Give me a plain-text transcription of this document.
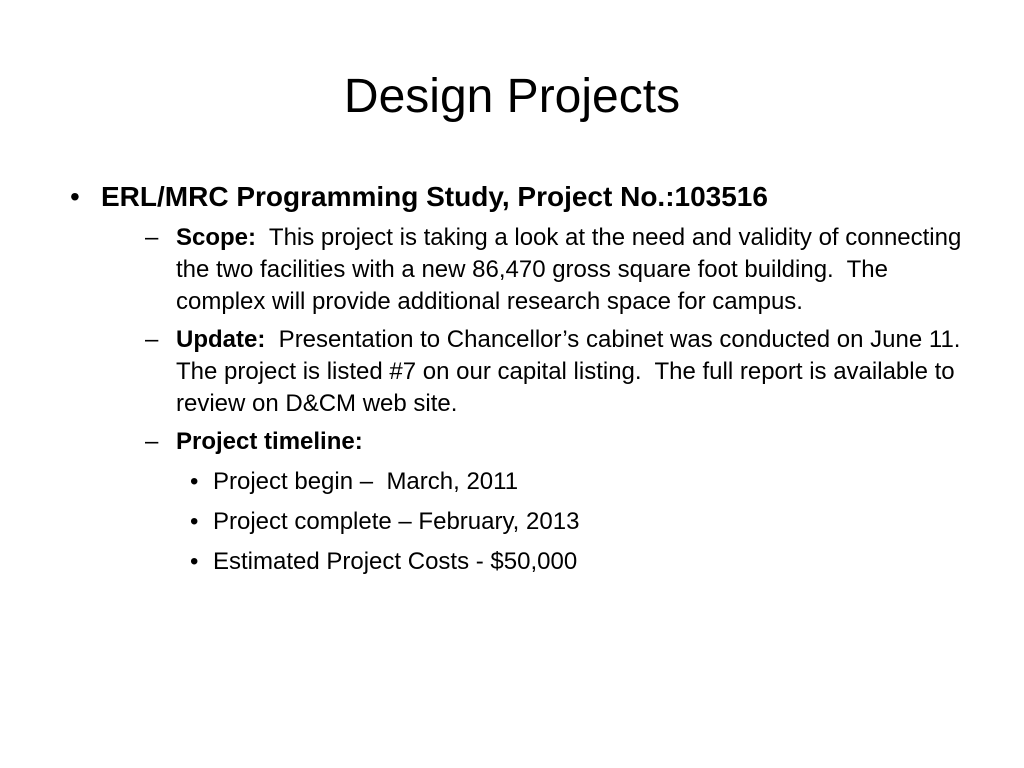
Design Projects
• ERL/MRC Programming Study, Project No.:103516
– Scope:  This project is taking a look at the need and validity of connecting the two facilities with a new 86,470 gross square foot building.  The complex will provide additional research space for campus.
– Update:  Presentation to Chancellor’s cabinet was conducted on June 11.  The project is listed #7 on our capital listing.  The full report is available to review on D&CM web site.
– Project timeline:
• Project begin –  March, 2011
• Project complete – February, 2013
• Estimated Project Costs - $50,000
